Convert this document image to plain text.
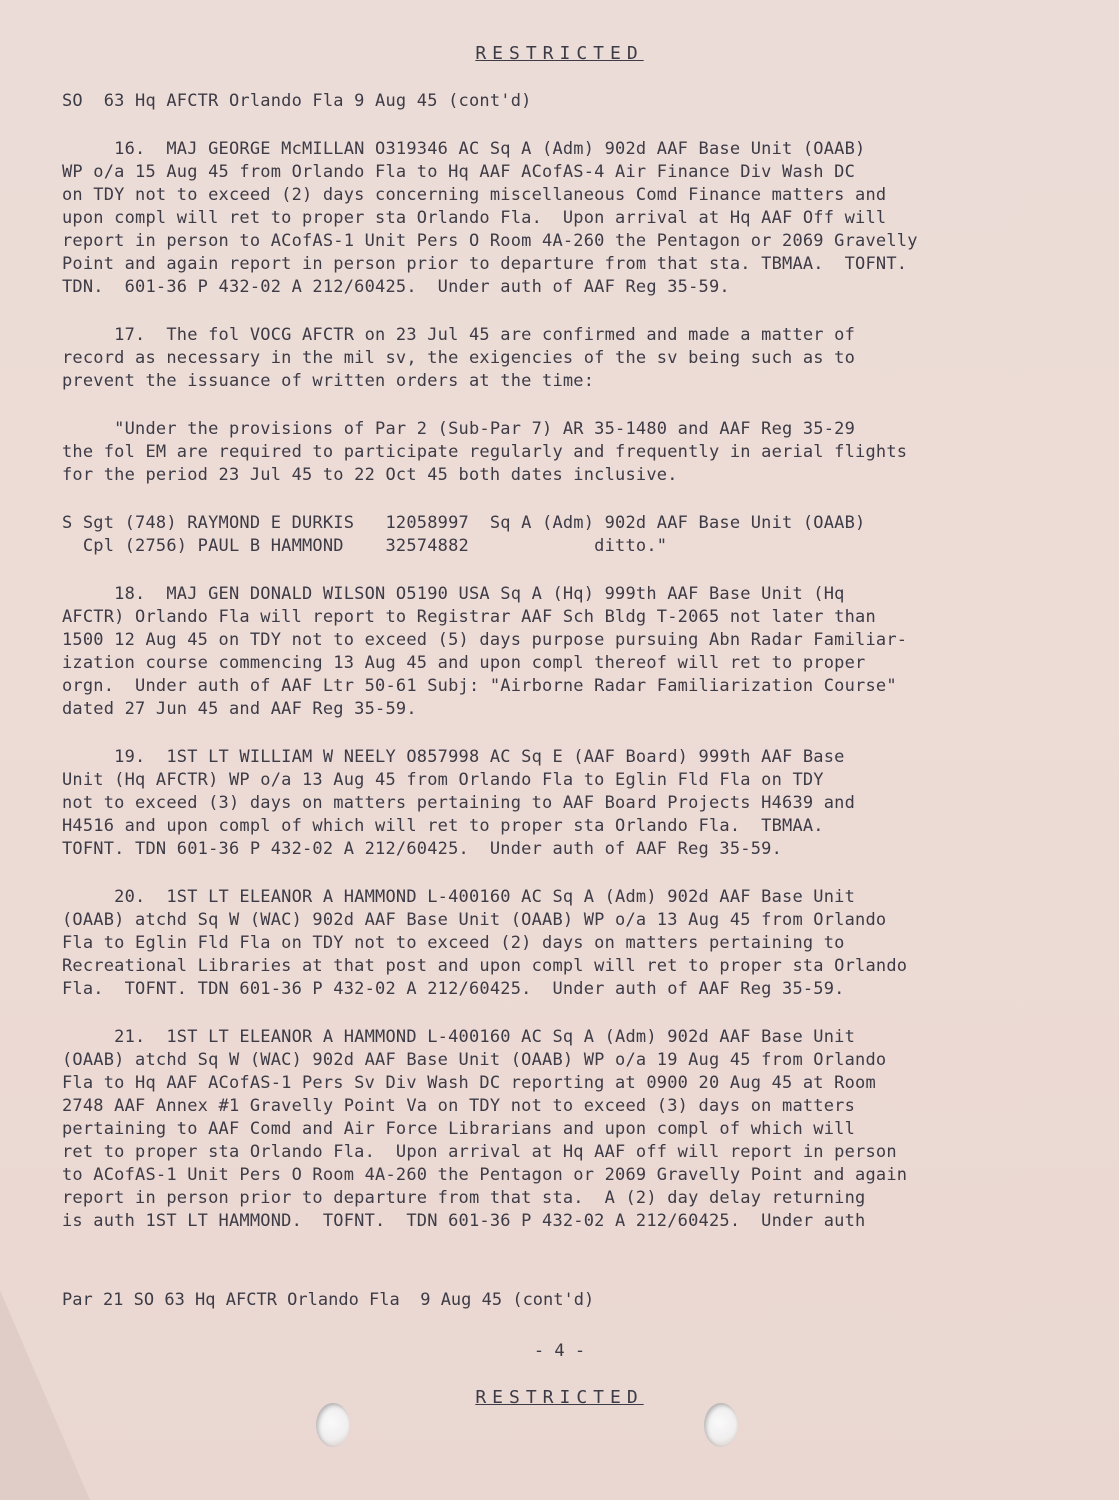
RESTRICTED
SO  63 Hq AFCTR Orlando Fla 9 Aug 45 (cont'd)
16.  MAJ GEORGE McMILLAN O319346 AC Sq A (Adm) 902d AAF Base Unit (OAAB)
WP o/a 15 Aug 45 from Orlando Fla to Hq AAF ACofAS-4 Air Finance Div Wash DC
on TDY not to exceed (2) days concerning miscellaneous Comd Finance matters and
upon compl will ret to proper sta Orlando Fla.  Upon arrival at Hq AAF Off will
report in person to ACofAS-1 Unit Pers O Room 4A-260 the Pentagon or 2069 Gravelly
Point and again report in person prior to departure from that sta. TBMAA.  TOFNT.
TDN.  601-36 P 432-02 A 212/60425.  Under auth of AAF Reg 35-59.
17.  The fol VOCG AFCTR on 23 Jul 45 are confirmed and made a matter of
record as necessary in the mil sv, the exigencies of the sv being such as to
prevent the issuance of written orders at the time:
"Under the provisions of Par 2 (Sub-Par 7) AR 35-1480 and AAF Reg 35-29
the fol EM are required to participate regularly and frequently in aerial flights
for the period 23 Jul 45 to 22 Oct 45 both dates inclusive.
S Sgt (748) RAYMOND E DURKIS   12058997  Sq A (Adm) 902d AAF Base Unit (OAAB)
Cpl (2756) PAUL B HAMMOND    32574882            ditto."
18.  MAJ GEN DONALD WILSON O5190 USA Sq A (Hq) 999th AAF Base Unit (Hq
AFCTR) Orlando Fla will report to Registrar AAF Sch Bldg T-2065 not later than
1500 12 Aug 45 on TDY not to exceed (5) days purpose pursuing Abn Radar Familiar-
ization course commencing 13 Aug 45 and upon compl thereof will ret to proper
orgn.  Under auth of AAF Ltr 50-61 Subj: "Airborne Radar Familiarization Course"
dated 27 Jun 45 and AAF Reg 35-59.
19.  1ST LT WILLIAM W NEELY O857998 AC Sq E (AAF Board) 999th AAF Base
Unit (Hq AFCTR) WP o/a 13 Aug 45 from Orlando Fla to Eglin Fld Fla on TDY
not to exceed (3) days on matters pertaining to AAF Board Projects H4639 and
H4516 and upon compl of which will ret to proper sta Orlando Fla.  TBMAA.
TOFNT. TDN 601-36 P 432-02 A 212/60425.  Under auth of AAF Reg 35-59.
20.  1ST LT ELEANOR A HAMMOND L-400160 AC Sq A (Adm) 902d AAF Base Unit
(OAAB) atchd Sq W (WAC) 902d AAF Base Unit (OAAB) WP o/a 13 Aug 45 from Orlando
Fla to Eglin Fld Fla on TDY not to exceed (2) days on matters pertaining to
Recreational Libraries at that post and upon compl will ret to proper sta Orlando
Fla.  TOFNT. TDN 601-36 P 432-02 A 212/60425.  Under auth of AAF Reg 35-59.
21.  1ST LT ELEANOR A HAMMOND L-400160 AC Sq A (Adm) 902d AAF Base Unit
(OAAB) atchd Sq W (WAC) 902d AAF Base Unit (OAAB) WP o/a 19 Aug 45 from Orlando
Fla to Hq AAF ACofAS-1 Pers Sv Div Wash DC reporting at 0900 20 Aug 45 at Room
2748 AAF Annex #1 Gravelly Point Va on TDY not to exceed (3) days on matters
pertaining to AAF Comd and Air Force Librarians and upon compl of which will
ret to proper sta Orlando Fla.  Upon arrival at Hq AAF off will report in person
to ACofAS-1 Unit Pers O Room 4A-260 the Pentagon or 2069 Gravelly Point and again
report in person prior to departure from that sta.  A (2) day delay returning
is auth 1ST LT HAMMOND.  TOFNT.  TDN 601-36 P 432-02 A 212/60425.  Under auth
Par 21 SO 63 Hq AFCTR Orlando Fla  9 Aug 45 (cont'd)
- 4 -
RESTRICTED
